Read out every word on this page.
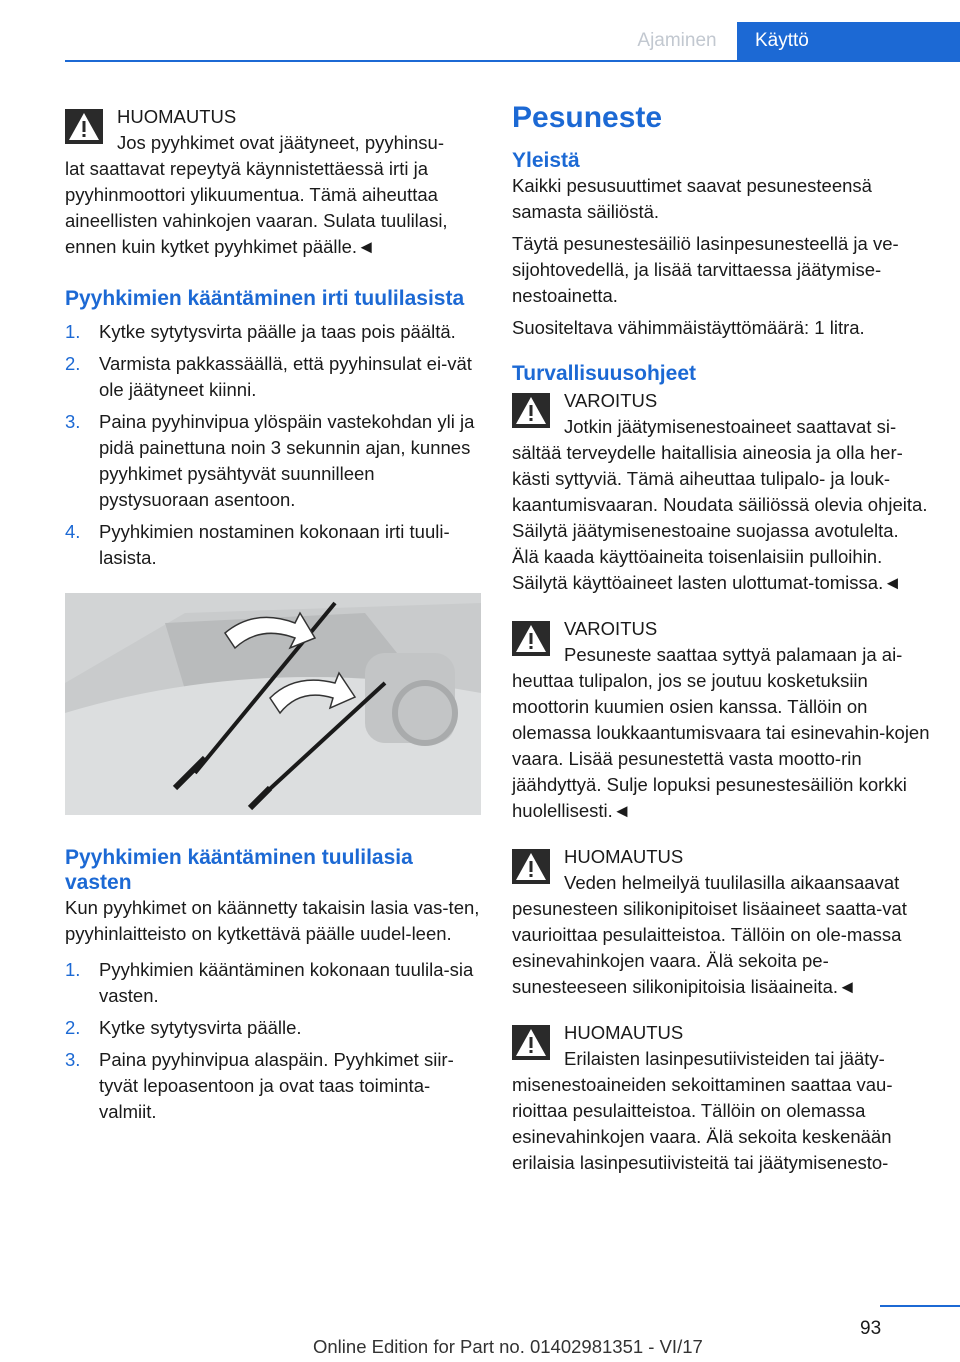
Ajaminen	Käyttö
HUOMAUTUS
Jos pyyhkimet ovat jäätyneet, pyyhinsu-
lat saattavat repeytyä käynnistettäessä irti ja pyyhinmoottori ylikuumentua. Tämä aiheuttaa aineellisten vahinkojen vaaran. Sulata tuulilasi, ennen kuin kytket pyyhkimet päälle.◄
Pyyhkimien kääntäminen irti tuulilasista
1. Kytke sytytysvirta päälle ja taas pois päältä.
2. Varmista pakkassäällä, että pyyhinsulat ei-vät ole jäätyneet kiinni.
3. Paina pyyhinvipua ylöspäin vastekohdan yli ja pidä painettuna noin 3 sekunnin ajan, kunnes pyyhkimet pysähtyvät suunnilleen pystysuoraan asentoon.
4. Pyyhkimien nostaminen kokonaan irti tuuli-lasista.
Pyyhkimien kääntäminen tuulilasia vasten

Kun pyyhkimet on käännetty takaisin lasia vas-ten, pyyhinlaitteisto on kytkettävä päälle uudel-leen.

1. Pyyhkimien kääntäminen kokonaan tuulila-sia vasten.
2. Kytke sytytysvirta päälle.
3. Paina pyyhinvipua alaspäin. Pyyhkimet siir-tyvät lepoasentoon ja ovat taas toiminta-valmiit.
Pesuneste
Yleistä

Kaikki pesusuuttimet saavat pesunesteensä samasta säiliöstä.

Täytä pesunestesäiliö lasinpesunesteellä ja ve-sijohtovedellä, ja lisää tarvittaessa jäätymise-nestoainetta.

Suositeltava vähimmäistäyttömäärä: 1 litra.

Turvallisuusohjeet
VAROITUS
Jotkin jäätymisenestoaineet saattavat si-
sältää terveydelle haitallisia aineosia ja olla her-kästi syttyviä. Tämä aiheuttaa tulipalo- ja louk-kaantumisvaaran. Noudata säiliössä olevia ohjeita. Säilytä jäätymisenestoaine suojassa avotulelta. Älä kaada käyttöaineita toisenlaisiin pulloihin. Säilytä käyttöaineet lasten ulottumat-tomissa.◄
VAROITUS
Pesuneste saattaa syttyä palamaan ja ai-
heuttaa tulipalon, jos se joutuu kosketuksiin moottorin kuumien osien kanssa. Tällöin on olemassa loukkaantumisvaara tai esinevahin-kojen vaara. Lisää pesunestettä vasta mootto-rin jäähdyttyä. Sulje lopuksi pesunestesäiliön korkki huolellisesti.◄
HUOMAUTUS
Veden helmeilyä tuulilasilla aikaansaavat
pesunesteen silikonipitoiset lisäaineet saatta-vat vaurioittaa pesulaitteistoa. Tällöin on ole-massa esinevahinkojen vaara. Älä sekoita pe-sunesteeseen silikonipitoisia lisäaineita.◄
HUOMAUTUS
Erilaisten lasinpesutiivisteiden tai jääty-
misenestoaineiden sekoittaminen saattaa vau-rioittaa pesulaitteistoa. Tällöin on olemassa esinevahinkojen vaara. Älä sekoita keskenään erilaisia lasinpesutiivisteitä tai jäätymisenesto-
93
Online Edition for Part no. 01402981351 - VI/17
